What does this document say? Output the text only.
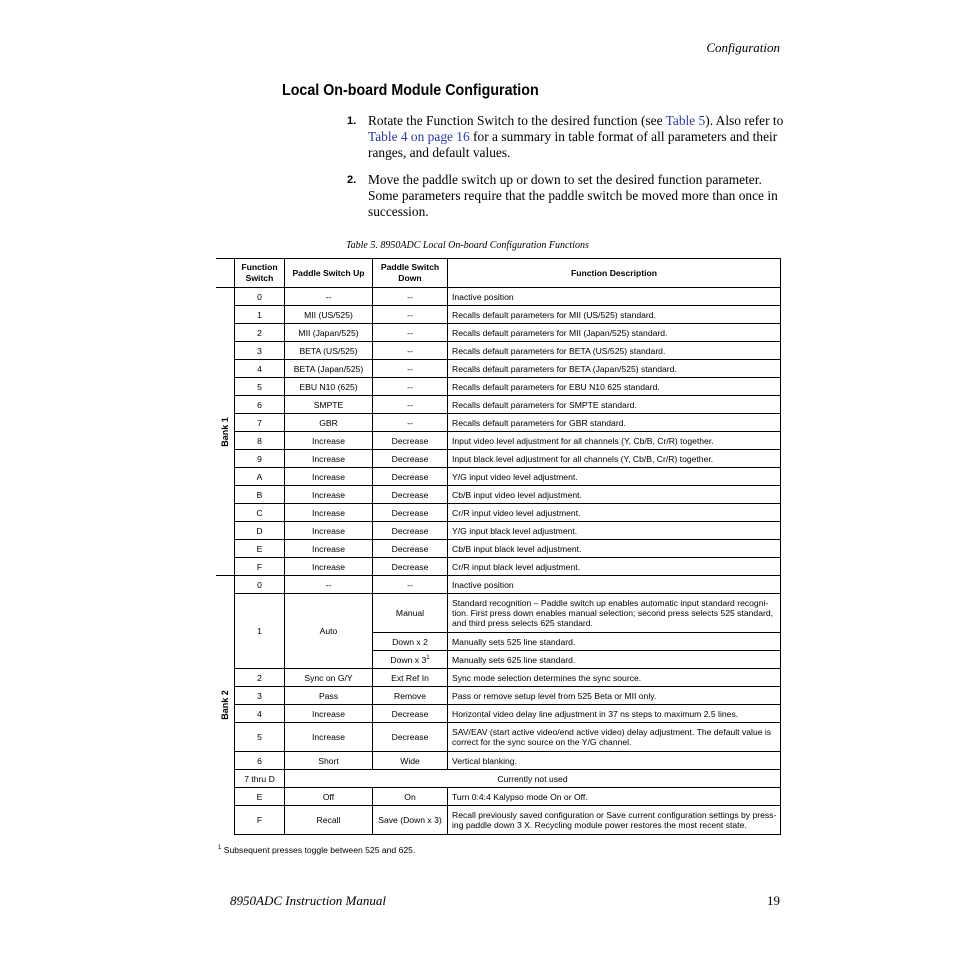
Configuration
Local On-board Module Configuration
1. Rotate the Function Switch to the desired function (see Table 5). Also refer to Table 4 on page 16 for a summary in table format of all parameters and their ranges, and default values.
2. Move the paddle switch up or down to set the desired function parameter. Some parameters require that the paddle switch be moved more than once in succession.
Table 5. 8950ADC Local On-board Configuration Functions
	Function Switch	Paddle Switch Up	Paddle Switch Down	Function Description

Bank 1	0	--	--	Inactive position
	1	MII (US/525)	--	Recalls default parameters for MII (US/525) standard.
	2	MII (Japan/525)	--	Recalls default parameters for MII (Japan/525) standard.
	3	BETA (US/525)	--	Recalls default parameters for BETA (US/525) standard.
	4	BETA (Japan/525)	--	Recalls default parameters for BETA (Japan/525) standard.
	5	EBU N10 (625)	--	Recalls default parameters for EBU N10 625 standard.
	6	SMPTE	--	Recalls default parameters for SMPTE standard.
	7	GBR	--	Recalls default parameters for GBR standard.
	8	Increase	Decrease	Input video level adjustment for all channels (Y, Cb/B, Cr/R) together.
	9	Increase	Decrease	Input black level adjustment for all channels (Y, Cb/B, Cr/R) together.
	A	Increase	Decrease	Y/G input video level adjustment.
	B	Increase	Decrease	Cb/B input video level adjustment.
	C	Increase	Decrease	Cr/R input video level adjustment.
	D	Increase	Decrease	Y/G input black level adjustment.
	E	Increase	Decrease	Cb/B input black level adjustment.
	F	Increase	Decrease	Cr/R input black level adjustment.

Bank 2	0	--	--	Inactive position
	1	Auto	Manual	Standard recognition – Paddle switch up enables automatic input standard recogni-tion. First press down enables manual selection; second press selects 525 standard, and third press selects 625 standard.
			Down x 2	Manually sets 525 line standard.
			Down x $3^1$	Manually sets 625 line standard.
	2	Sync on G/Y	Ext Ref In	Sync mode selection determines the sync source.
	3	Pass	Remove	Pass or remove setup level from 525 Beta or MII only.
	4	Increase	Decrease	Horizontal video delay line adjustment in 37 ns steps to maximum 2.5 lines.
	5	Increase	Decrease	SAV/EAV (start active video/end active video) delay adjustment. The default value is correct for the sync source on the Y/G channel.
	6	Short	Wide	Vertical blanking.
	7 thru D	Currently not used		
	E	Off	On	Turn 0:4:4 Kalypso mode On or Off.
	F	Recall	Save (Down x 3)	Recall previously saved configuration or Save current configuration settings by press-ing paddle down 3 X. Recycling module power restores the most recent state.
$^1$ Subsequent presses toggle between 525 and 625.
8950ADC Instruction Manual	19
